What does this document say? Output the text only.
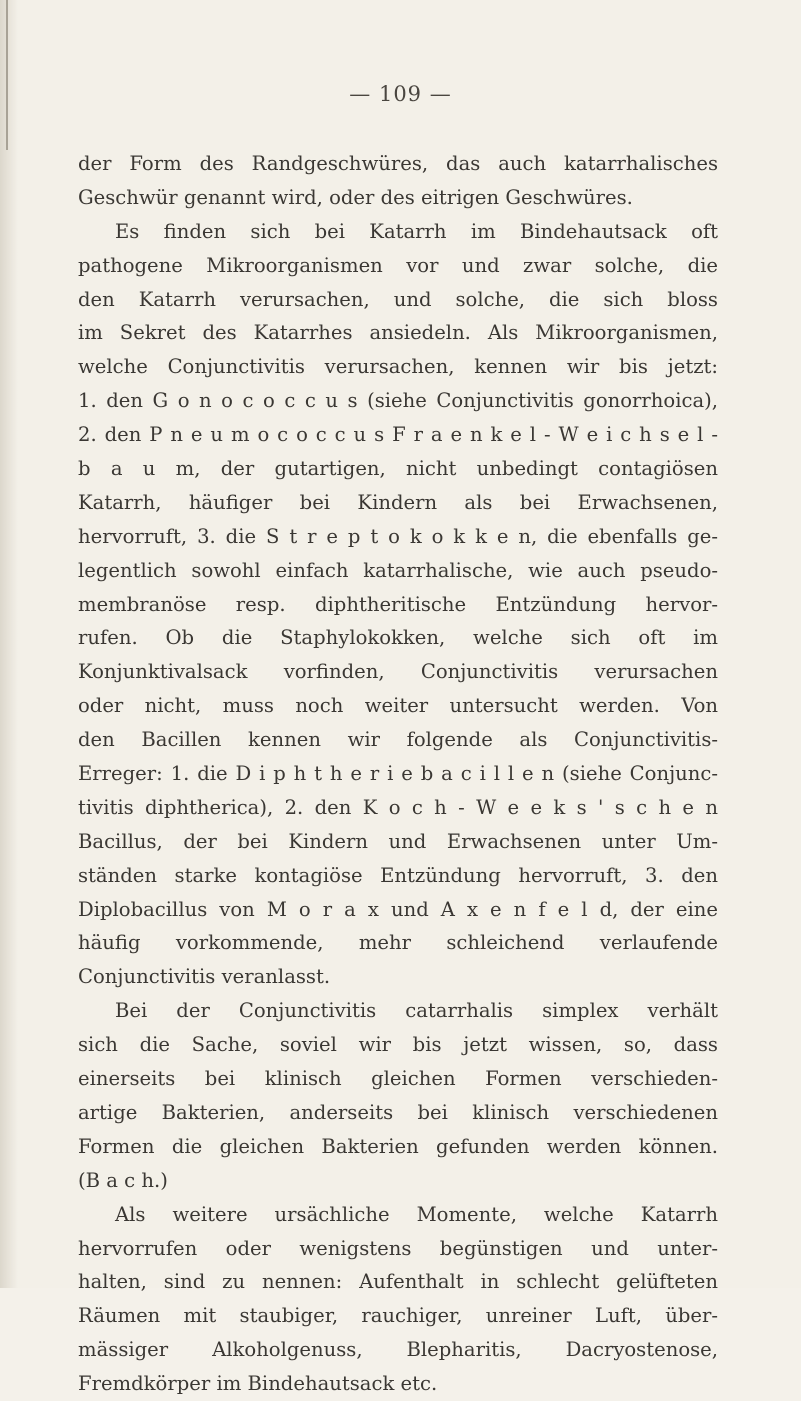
— 109 —
der Form des Randgeschwüres, das auch katarrhalisches
Geschwür genannt wird, oder des eitrigen Geschwüres.
Es finden sich bei Katarrh im Bindehautsack oft
pathogene Mikroorganismen vor und zwar solche, die
den Katarrh verursachen, und solche, die sich bloss
im Sekret des Katarrhes ansiedeln. Als Mikroorganismen,
welche Conjunctivitis verursachen, kennen wir bis jetzt:
1. den G o n o c o c c u s (siehe Conjunctivitis gonorrhoica),
2. den P n e u m o c o c c u s F r a e n k e l - W e i c h s e l -
b a u m, der gutartigen, nicht unbedingt contagiösen
Katarrh, häufiger bei Kindern als bei Erwachsenen,
hervorruft, 3. die S t r e p t o k o k k e n, die ebenfalls ge-
legentlich sowohl einfach katarrhalische, wie auch pseudo-
membranöse resp. diphtheritische Entzündung hervor-
rufen. Ob die Staphylokokken, welche sich oft im
Konjunktivalsack vorfinden, Conjunctivitis verursachen
oder nicht, muss noch weiter untersucht werden. Von
den Bacillen kennen wir folgende als Conjunctivitis-
Erreger: 1. die D i p h t h e r i e b a c i l l e n (siehe Conjunc-
tivitis diphtherica), 2. den K o c h - W e e k s ' s c h e n
Bacillus, der bei Kindern und Erwachsenen unter Um-
ständen starke kontagiöse Entzündung hervorruft, 3. den
Diplobacillus von M o r a x und A x e n f e l d, der eine
häufig vorkommende, mehr schleichend verlaufende
Conjunctivitis veranlasst.
Bei der Conjunctivitis catarrhalis simplex verhält
sich die Sache, soviel wir bis jetzt wissen, so, dass
einerseits bei klinisch gleichen Formen verschieden-
artige Bakterien, anderseits bei klinisch verschiedenen
Formen die gleichen Bakterien gefunden werden können.
(B a c h.)
Als weitere ursächliche Momente, welche Katarrh
hervorrufen oder wenigstens begünstigen und unter-
halten, sind zu nennen: Aufenthalt in schlecht gelüfteten
Räumen mit staubiger, rauchiger, unreiner Luft, über-
mässiger Alkoholgenuss, Blepharitis, Dacryostenose,
Fremdkörper im Bindehautsack etc.
